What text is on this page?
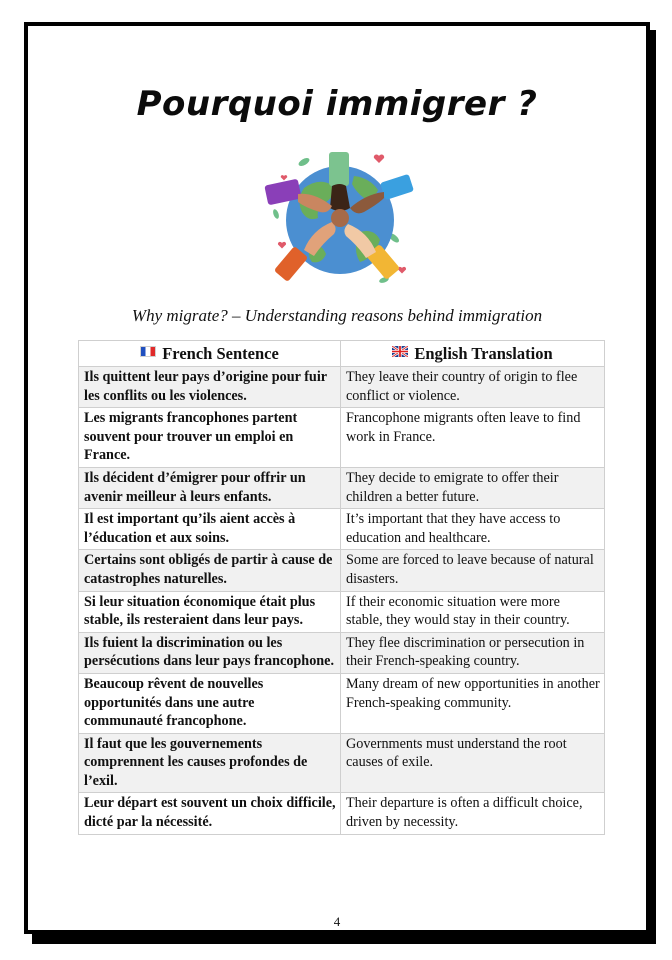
Pourquoi immigrer ?
Why migrate? – Understanding reasons behind immigration
French Sentence	English Translation
Ils quittent leur pays d’origine pour fuir les conflits ou les violences.	They leave their country of origin to flee conflict or violence.
Les migrants francophones partent souvent pour trouver un emploi en France.	Francophone migrants often leave to find work in France.
Ils décident d’émigrer pour offrir un avenir meilleur à leurs enfants.	They decide to emigrate to offer their children a better future.
Il est important qu’ils aient accès à l’éducation et aux soins.	It’s important that they have access to education and healthcare.
Certains sont obligés de partir à cause de catastrophes naturelles.	Some are forced to leave because of natural disasters.
Si leur situation économique était plus stable, ils resteraient dans leur pays.	If their economic situation were more stable, they would stay in their country.
Ils fuient la discrimination ou les persécutions dans leur pays francophone.	They flee discrimination or persecution in their French-speaking country.
Beaucoup rêvent de nouvelles opportunités dans une autre communauté francophone.	Many dream of new opportunities in another French-speaking community.
Il faut que les gouvernements comprennent les causes profondes de l’exil.	Governments must understand the root causes of exile.
Leur départ est souvent un choix difficile, dicté par la nécessité.	Their departure is often a difficult choice, driven by necessity.
4
